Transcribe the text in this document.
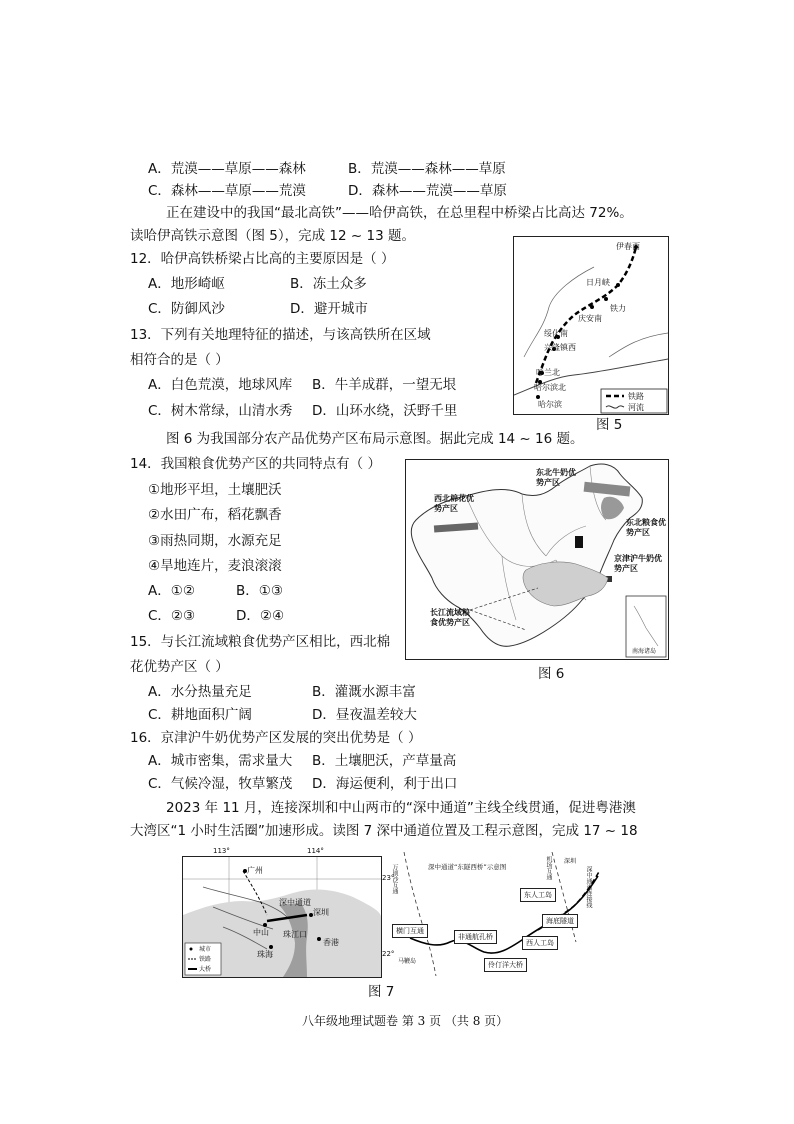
A．荒漠——草原——森林	B．荒漠——森林——草原
C．森林——草原——荒漠	D．森林——荒漠——草原
正在建设中的我国“最北高铁”——哈伊高铁，在总里程中桥梁占比高达 72%。
读哈伊高铁示意图（图 5），完成 12 ~ 13 题。
12．哈伊高铁桥梁占比高的主要原因是（ ）
A．地形崎岖	B．冻土众多
C．防御风沙	D．避开城市
13．下列有关地理特征的描述，与该高铁所在区域
相符合的是（ ）
A．白色荒漠，地球风库 B．牛羊成群，一望无垠
C．树木常绿，山清水秀 D．山环水绕，沃野千里
伊春西
日月峡
铁力
庆安南
绥化南
兴隆镇西
呼兰北
哈尔滨北
哈尔滨
铁路
河流
图 5
图 6 为我国部分农产品优势产区布局示意图。据此完成 14 ~ 16 题。
14．我国粮食优势产区的共同特点有（ ）
①地形平坦，土壤肥沃
②水田广布，稻花飘香
③雨热同期，水源充足
④旱地连片，麦浪滚滚
A．①②	B．①③
C．②③	D．②④
西北棉花优势产区
东北牛奶优势产区
东北粮食优势产区
京津沪牛奶优势产区
长江流域粮食优势产区
南海诸岛
图 6
15．与长江流域粮食优势产区相比，西北棉
花优势产区（ ）
A．水分热量充足	B．灌溉水源丰富
C．耕地面积广阔	D．昼夜温差较大
16．京津沪牛奶优势产区发展的突出优势是（ ）
A．城市密集，需求量大 B．土壤肥沃，产草量高
C．气候冷湿，牧草繁茂 D．海运便利，利于出口
2023 年 11 月，连接深圳和中山两市的“深中通道”主线全线贯通，促进粤港澳
大湾区“1 小时生活圈”加速形成。读图 7 深中通道位置及工程示意图，完成 17 ~ 18
113°	114°
广州
深中通道
深圳
中山
珠海
珠江口
香港
城市
铁路
大桥
23°
22°
深中通道“东隧西桥”示意图
万顷沙互通
横门互通
马鞭岛
非通航孔桥
西人工岛
伶仃洋大桥
东人工岛
海底隧道
机场互通 深圳
深中通道连接线
图 7
八年级地理试题卷 第 3 页 （共 8 页）
